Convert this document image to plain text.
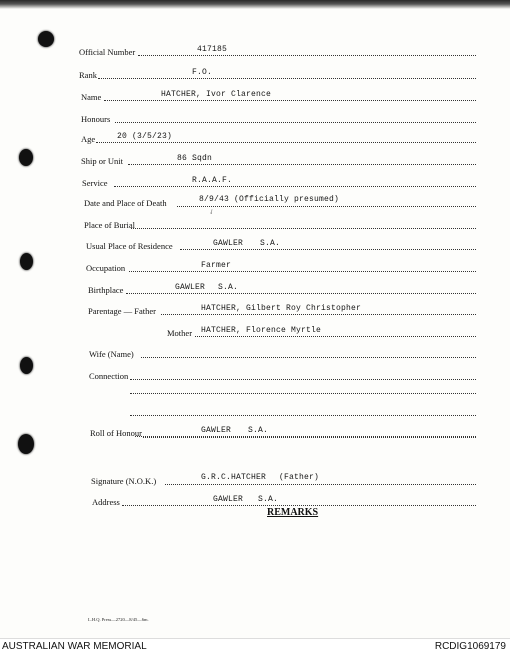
Official Number	417185
Rank	F.O.
Name	HATCHER, Ivor Clarence
Honours
Age	20 (3/5/23)
Ship or Unit	86 Sqdn
Service	R.A.A.F.
Date and Place of Death	8/9/43 (Officially presumed)
✓
Place of Burial
Usual Place of Residence	GAWLER S.A.
Occupation	Farmer
Birthplace	GAWLER S.A.
Parentage — Father	HATCHER, Gilbert Roy Christopher
Mother HATCHER, Florence Myrtle
Wife (Name)
Connection
Roll of Honour	GAWLER S.A.
Signature (N.O.K.)	G.R.C.HATCHER (Father)
Address	GAWLER S.A.
REMARKS
L.H.Q. Press—2720—8/45—6m.
AUSTRALIAN WAR MEMORIAL	RCDIG1069179
